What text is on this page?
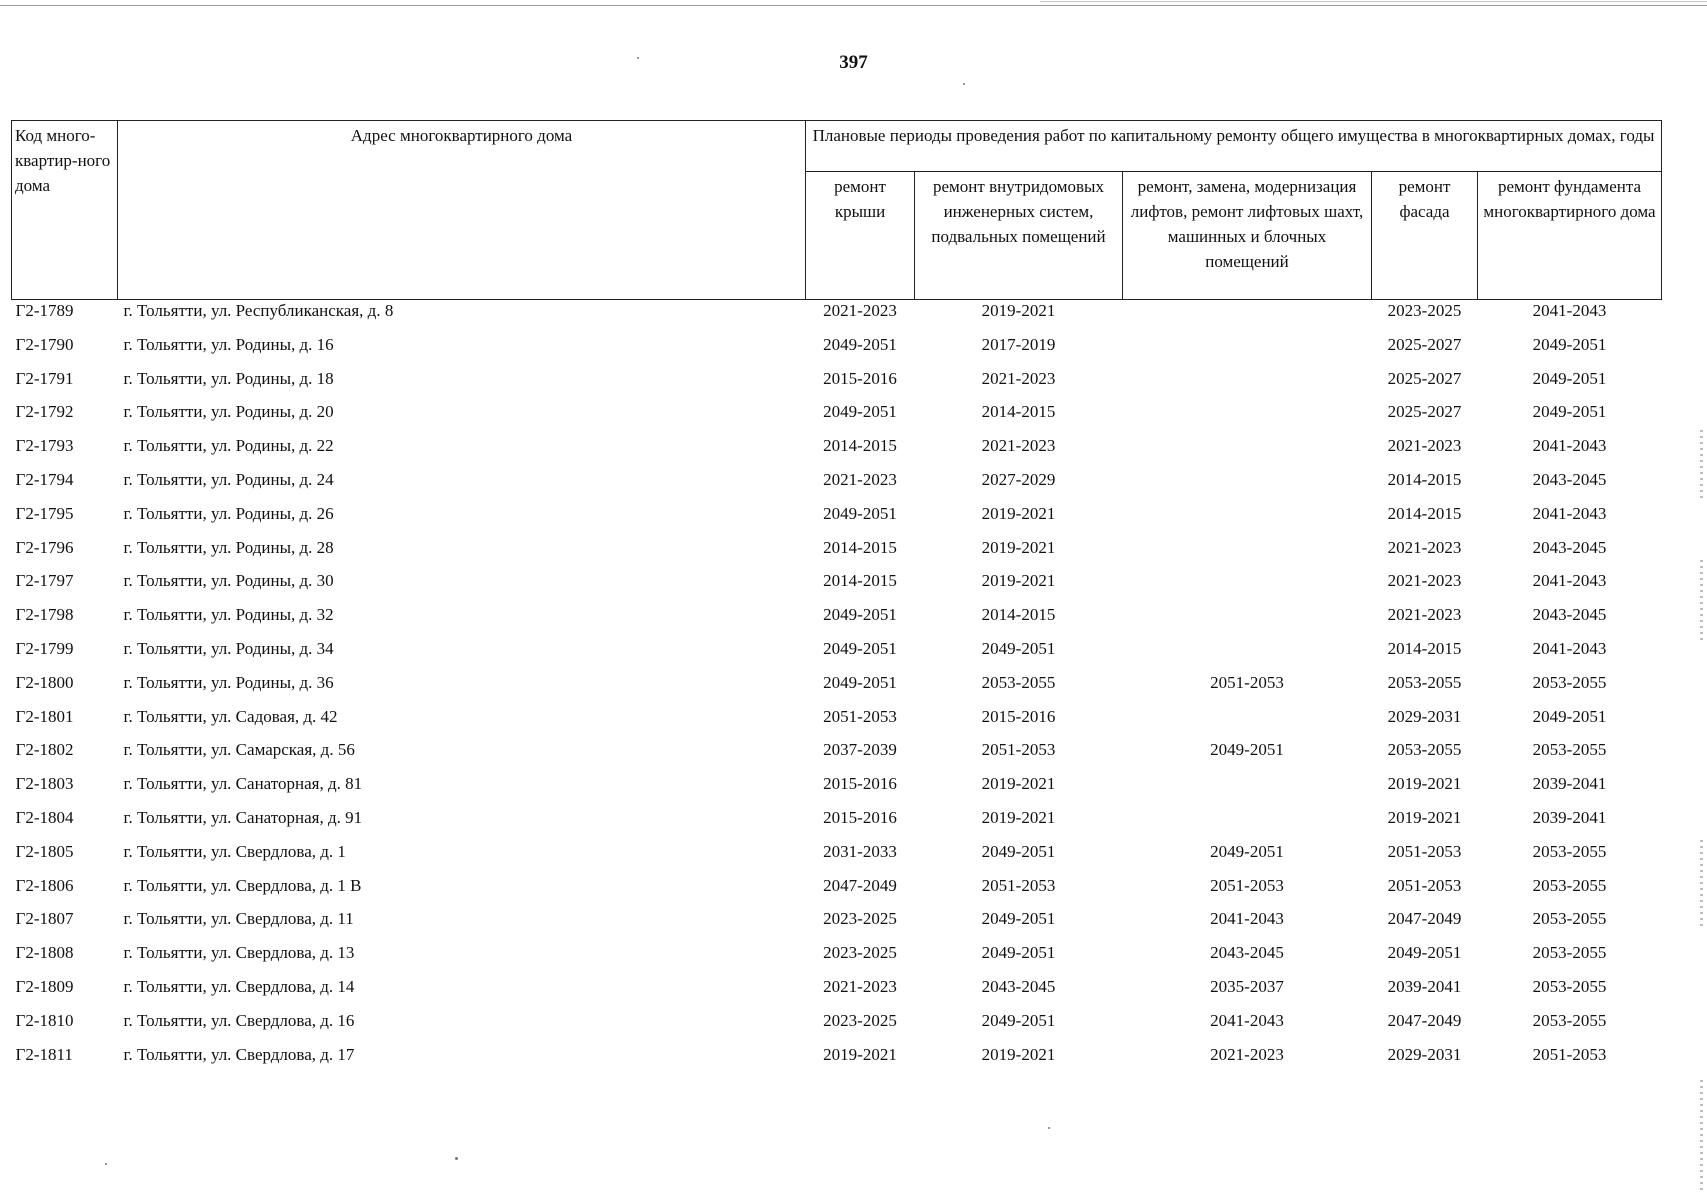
397
Код много-квартир-ного дома	Адрес многоквартирного дома	Плановые периоды проведения работ по капитальному ремонту общего имущества в многоквартирных домах, годы				
		ремонт крыши	ремонт внутридомовых инженерных систем, подвальных помещений	ремонт, замена, модернизация лифтов, ремонт лифтовых шахт, машинных и блочных помещений	ремонт фасада	ремонт фундамента многоквартирного дома
Г2-1789	г. Тольятти, ул. Республиканская, д. 8	2021-2023	2019-2021		2023-2025	2041-2043
Г2-1790	г. Тольятти, ул. Родины, д. 16	2049-2051	2017-2019		2025-2027	2049-2051
Г2-1791	г. Тольятти, ул. Родины, д. 18	2015-2016	2021-2023		2025-2027	2049-2051
Г2-1792	г. Тольятти, ул. Родины, д. 20	2049-2051	2014-2015		2025-2027	2049-2051
Г2-1793	г. Тольятти, ул. Родины, д. 22	2014-2015	2021-2023		2021-2023	2041-2043
Г2-1794	г. Тольятти, ул. Родины, д. 24	2021-2023	2027-2029		2014-2015	2043-2045
Г2-1795	г. Тольятти, ул. Родины, д. 26	2049-2051	2019-2021		2014-2015	2041-2043
Г2-1796	г. Тольятти, ул. Родины, д. 28	2014-2015	2019-2021		2021-2023	2043-2045
Г2-1797	г. Тольятти, ул. Родины, д. 30	2014-2015	2019-2021		2021-2023	2041-2043
Г2-1798	г. Тольятти, ул. Родины, д. 32	2049-2051	2014-2015		2021-2023	2043-2045
Г2-1799	г. Тольятти, ул. Родины, д. 34	2049-2051	2049-2051		2014-2015	2041-2043
Г2-1800	г. Тольятти, ул. Родины, д. 36	2049-2051	2053-2055	2051-2053	2053-2055	2053-2055
Г2-1801	г. Тольятти, ул. Садовая, д. 42	2051-2053	2015-2016		2029-2031	2049-2051
Г2-1802	г. Тольятти, ул. Самарская, д. 56	2037-2039	2051-2053	2049-2051	2053-2055	2053-2055
Г2-1803	г. Тольятти, ул. Санаторная, д. 81	2015-2016	2019-2021		2019-2021	2039-2041
Г2-1804	г. Тольятти, ул. Санаторная, д. 91	2015-2016	2019-2021		2019-2021	2039-2041
Г2-1805	г. Тольятти, ул. Свердлова, д. 1	2031-2033	2049-2051	2049-2051	2051-2053	2053-2055
Г2-1806	г. Тольятти, ул. Свердлова, д. 1 В	2047-2049	2051-2053	2051-2053	2051-2053	2053-2055
Г2-1807	г. Тольятти, ул. Свердлова, д. 11	2023-2025	2049-2051	2041-2043	2047-2049	2053-2055
Г2-1808	г. Тольятти, ул. Свердлова, д. 13	2023-2025	2049-2051	2043-2045	2049-2051	2053-2055
Г2-1809	г. Тольятти, ул. Свердлова, д. 14	2021-2023	2043-2045	2035-2037	2039-2041	2053-2055
Г2-1810	г. Тольятти, ул. Свердлова, д. 16	2023-2025	2049-2051	2041-2043	2047-2049	2053-2055
Г2-1811	г. Тольятти, ул. Свердлова, д. 17	2019-2021	2019-2021	2021-2023	2029-2031	2051-2053
